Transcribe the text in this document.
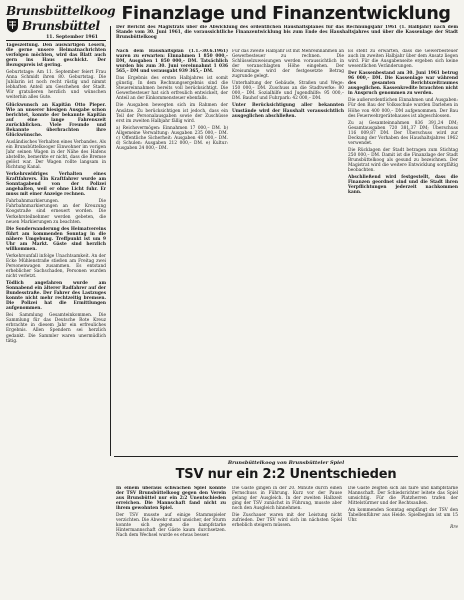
Brunsbüttelkoog
Brunsbüttel
11. September 1961
Finanzlage und Finanzentwicklung

Tageszeitung. Den auswärtigen Lesern, die gerne unsere Heimatnachrichten verfolgen möchten, wird das Blatt auch gern ins Haus geschickt. Der Bezugspreis ist gering.

Geburtstage: Am 11. September feiert Frau Anna Schmidt ihren 80. Geburtstag. Die Jubilarin ist noch recht rüstig und nimmt lebhaften Anteil am Geschehen der Stadt. Wir gratulieren herzlich und wünschen weiterhin alles Gute.

Glückwunsch an Kapitän Otto Pieper. Wie an unserer hiesigen Ausgabe schon berichtet, konnte der bekannte Kapitän auf eine lange Fahrenszeit zurückblicken. Viele Freunde und Bekannte überbrachten ihre Glückwünsche.

Ausländisches Verhalten eines Verbandes. Als ein Brunsbüttelkooger Einwohner im vorigen Jahr seinen Wagen in der Nähe des Hafens abstellte, bemerkte er nicht, dass die Bremse gelöst war. Der Wagen rollte langsam in Richtung Kanal.

Verkehrswidriges Verhalten eines Kraftfahrers. Ein Kraftfahrer wurde am Sonntagabend von der Polizei angehalten, weil er ohne Licht fuhr. Er muss mit einer Anzeige rechnen.

Fahrbahnmarkierungen. Die Fahrbahnmarkierungen an der Kreuzung Koogstraße sind erneuert worden. Die Verkehrsteilnehmer werden gebeten, die neuen Markierungen zu beachten.

Die Sonderwanderung des Heimatvereins führt am kommenden Sonntag in die nähere Umgebung. Treffpunkt ist um 9 Uhr am Markt. Gäste sind herzlich willkommen.

Verkehrsunfall infolge Unachtsamkeit. An der Ecke Mühlenstraße stießen am Freitag zwei Personenwagen zusammen. Es entstand erheblicher Sachschaden, Personen wurden nicht verletzt.

Tödlich angefahren wurde am Sonnabend ein älterer Radfahrer auf der Bundesstraße. Der Fahrer des Lastzuges konnte nicht mehr rechtzeitig bremsen. Die Polizei hat die Ermittlungen aufgenommen.

Bei Sammlung Gesamteinkommen. Die Sammlung für das Deutsche Rote Kreuz erbrachte in diesem Jahr ein erfreuliches Ergebnis. Allen Spendern sei herzlich gedankt. Die Sammler waren unermüdlich tätig.

Der Bericht des Magistrats über die Abwicklung des ordentlichen Haushaltsplanes für das Rechnungsjahr 1961 (1. Halbjahr) nach dem Stande vom 30. Juni 1961, die voraussichtliche Finanzentwicklung bis zum Ende des Haushaltsjahres und über die Kassenlage der Stadt Brunsbüttelkoog

Nach dem Haushaltsplan (1.1.–30.6.1961) waren zu erwarten: Einnahmen 1 850 000,– DM, Ausgaben 1 850 000,– DM. Tatsächlich wurden bis zum 30. Juni vereinnahmt 1 036 565,– DM und verausgabt 939 365,– DM.

Das Ergebnis des ersten Halbjahres ist somit günstig. In dem Rechnungsergebnis sind die Steuereinnahmen bereits voll berücksichtigt. Die Gewerbesteuer hat sich erfreulich entwickelt, der Anteil an der Einkommensteuer ebenfalls.

Die Ausgaben bewegten sich im Rahmen der Ansätze. Zu berücksichtigen ist jedoch, dass ein Teil der Personalausgaben sowie der Zuschüsse erst im zweiten Halbjahr fällig wird.

a) Reichsvermögen: Einnahmen 17 000,– DM. b) Allgemeine Verwaltung: Ausgaben 235 000,– DM. c) Öffentliche Sicherheit: Ausgaben 48 000,– DM. d) Schulen: Ausgaben 212 000,– DM. e) Kultur: Ausgaben 24 000,– DM.

Für das zweite Halbjahr ist mit Mehreinnahmen an Gewerbesteuer zu rechnen. Die Schlüsselzuweisungen werden voraussichtlich in der veranschlagten Höhe eingehen. Der Kreisumlage wird der festgesetzte Betrag zugrunde gelegt.

Unterhaltung der Gebäude, Straßen und Wege: 150 000,– DM. Zuschuss an die Stadtwerke: 80 000,– DM. Sozialhilfe und Jugendhilfe: 95 000,– DM. Bauhof und Fuhrpark: 42 000,– DM.

Unter Berücksichtigung aller bekannten Umstände wird der Haushalt voraussichtlich ausgeglichen abschließen.

Es steht zu erwarten, dass die Gewerbesteuer auch im zweiten Halbjahr über dem Ansatz liegen wird. Für die Ausgabenseite ergeben sich keine wesentlichen Veränderungen.

Der Kassenbestand am 30. Juni 1961 betrug 96 000,– DM. Die Kassenlage war während des gesamten Berichtszeitraumes ausgeglichen. Kassenkredite brauchten nicht in Anspruch genommen zu werden.

Die außerordentlichen Einnahmen und Ausgaben: Für den Bau der Volksschule wurden Darlehen in Höhe von 400 000,– DM aufgenommen. Der Bau des Feuerwehrgerätehauses ist abgeschlossen.

Zu a) Gesamteinnahmen 836 391,24 DM; Gesamtausgaben 720 381,37 DM; Überschuss 116 009,87 DM. Der Überschuss wird zur Deckung der Vorhaben des Haushaltsjahres 1962 verwendet.

Die Rücklagen der Stadt betragen zum Stichtag 250 000,– DM. Damit ist die Finanzlage der Stadt Brunsbüttelkoog als gesund zu bezeichnen. Der Magistrat wird die weitere Entwicklung sorgfältig beobachten.

Abschließend wird festgestellt, dass die Finanzen geordnet sind und die Stadt ihren Verpflichtungen jederzeit nachkommen kann.

Brunsbüttelkoog von Brunsbütteler Spiel
TSV nur ein 2:2 Unentschieden

In einem überaus schwachen Spiel konnte der TSV Brunsbüttelkoog gegen den Verein aus Brunsbüttel nur ein 2:2 Unentschieden erreichen. Die Mannschaft fand nicht zu ihrem gewohnten Spiel.

Der TSV musste auf einige Stammspieler verzichten. Die Abwehr stand unsicher, der Sturm konnte sich gegen die kampfstarke Hintermannschaft der Gäste kaum durchsetzen. Nach dem Wechsel wurde es etwas besser.

Die Gäste gingen in der 20. Minute durch einen Fernschuss in Führung. Kurz vor der Pause gelang der Ausgleich. In der zweiten Halbzeit ging der TSV zunächst in Führung, musste aber noch den Ausgleich hinnehmen.

Die Zuschauer waren mit der Leistung nicht zufrieden. Der TSV wird sich im nächsten Spiel erheblich steigern müssen.

Die Gäste zeigten sich als faire und kampfstarke Mannschaft. Der Schiedsrichter leitete das Spiel umsichtig. Für die Platzherren trafen der Mittelstürmer und der Rechtsaußen.

Am kommenden Sonntag empfängt der TSV den Tabellenführer aus Heide. Spielbeginn ist um 15 Uhr.

Rre
